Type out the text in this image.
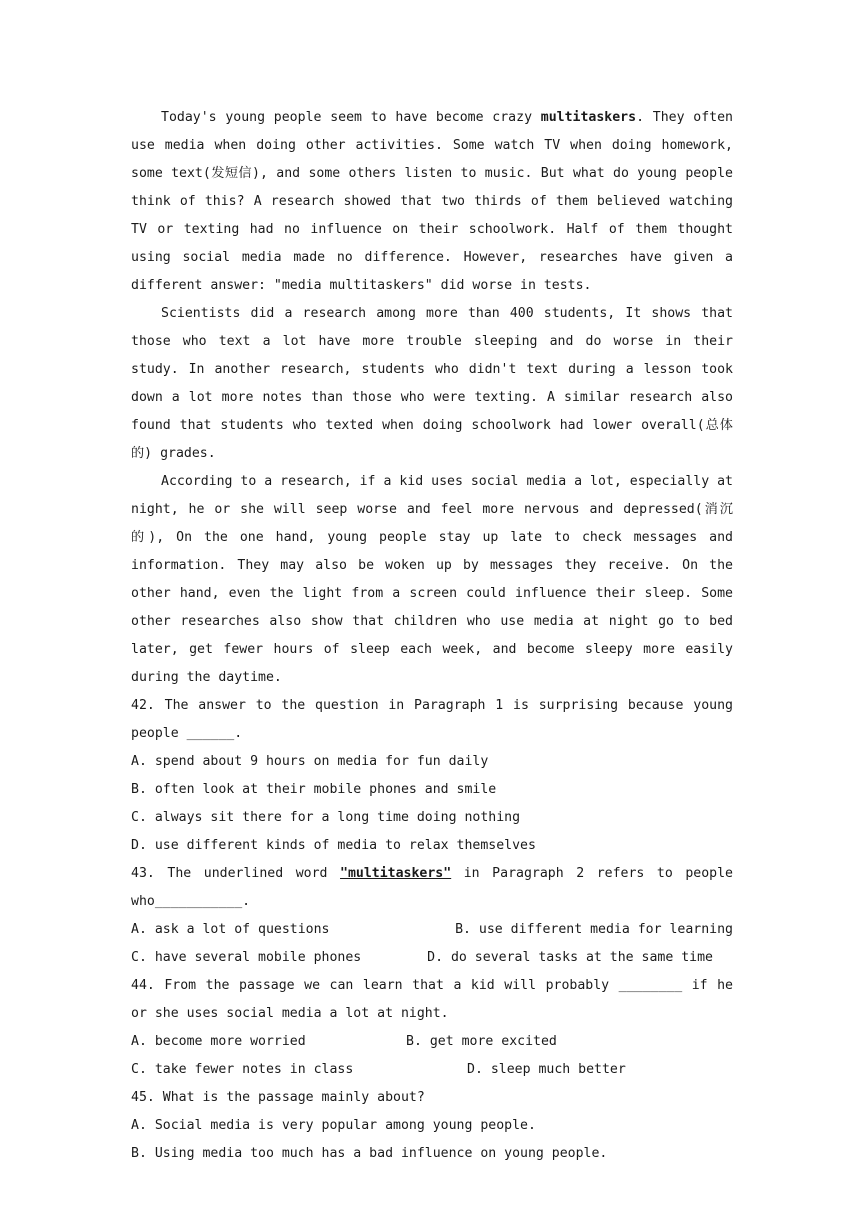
Today's young people seem to have become crazy multitaskers. They often use media when doing other activities. Some watch TV when doing homework, some text(发短信), and some others listen to music. But what do young people think of this? A research showed that two thirds of them believed watching TV or texting had no influence on their schoolwork. Half of them thought using social media made no difference. However, researches have given a different answer: "media multitaskers" did worse in tests.

Scientists did a research among more than 400 students, It shows that those who text a lot have more trouble sleeping and do worse in their study. In another research, students who didn't text during a lesson took down a lot more notes than those who were texting. A similar research also found that students who texted when doing schoolwork had lower overall(总体的) grades.

According to a research, if a kid uses social media a lot, especially at night, he or she will seep worse and feel more nervous and depressed(消沉的), On the one hand, young people stay up late to check messages and information. They may also be woken up by messages they receive. On the other hand, even the light from a screen could influence their sleep. Some other researches also show that children who use media at night go to bed later, get fewer hours of sleep each week, and become sleepy more easily during the daytime.

42. The answer to the question in Paragraph 1 is surprising because young people ______.

A. spend about 9 hours on media for fun daily

B. often look at their mobile phones and smile

C. always sit there for a long time doing nothing

D. use different kinds of media to relax themselves

43. The underlined word "multitaskers" in Paragraph 2 refers to people who___________.

A. ask a lot of questions	B. use different media for learning
C. have several mobile phones	D. do several tasks at the same time

44. From the passage we can learn that a kid will probably ________ if he or she uses social media a lot at night.

A. become more worried	B. get more excited
C. take fewer notes in class	D. sleep much better

45. What is the passage mainly about?

A. Social media is very popular among young people.

B. Using media too much has a bad influence on young people.
